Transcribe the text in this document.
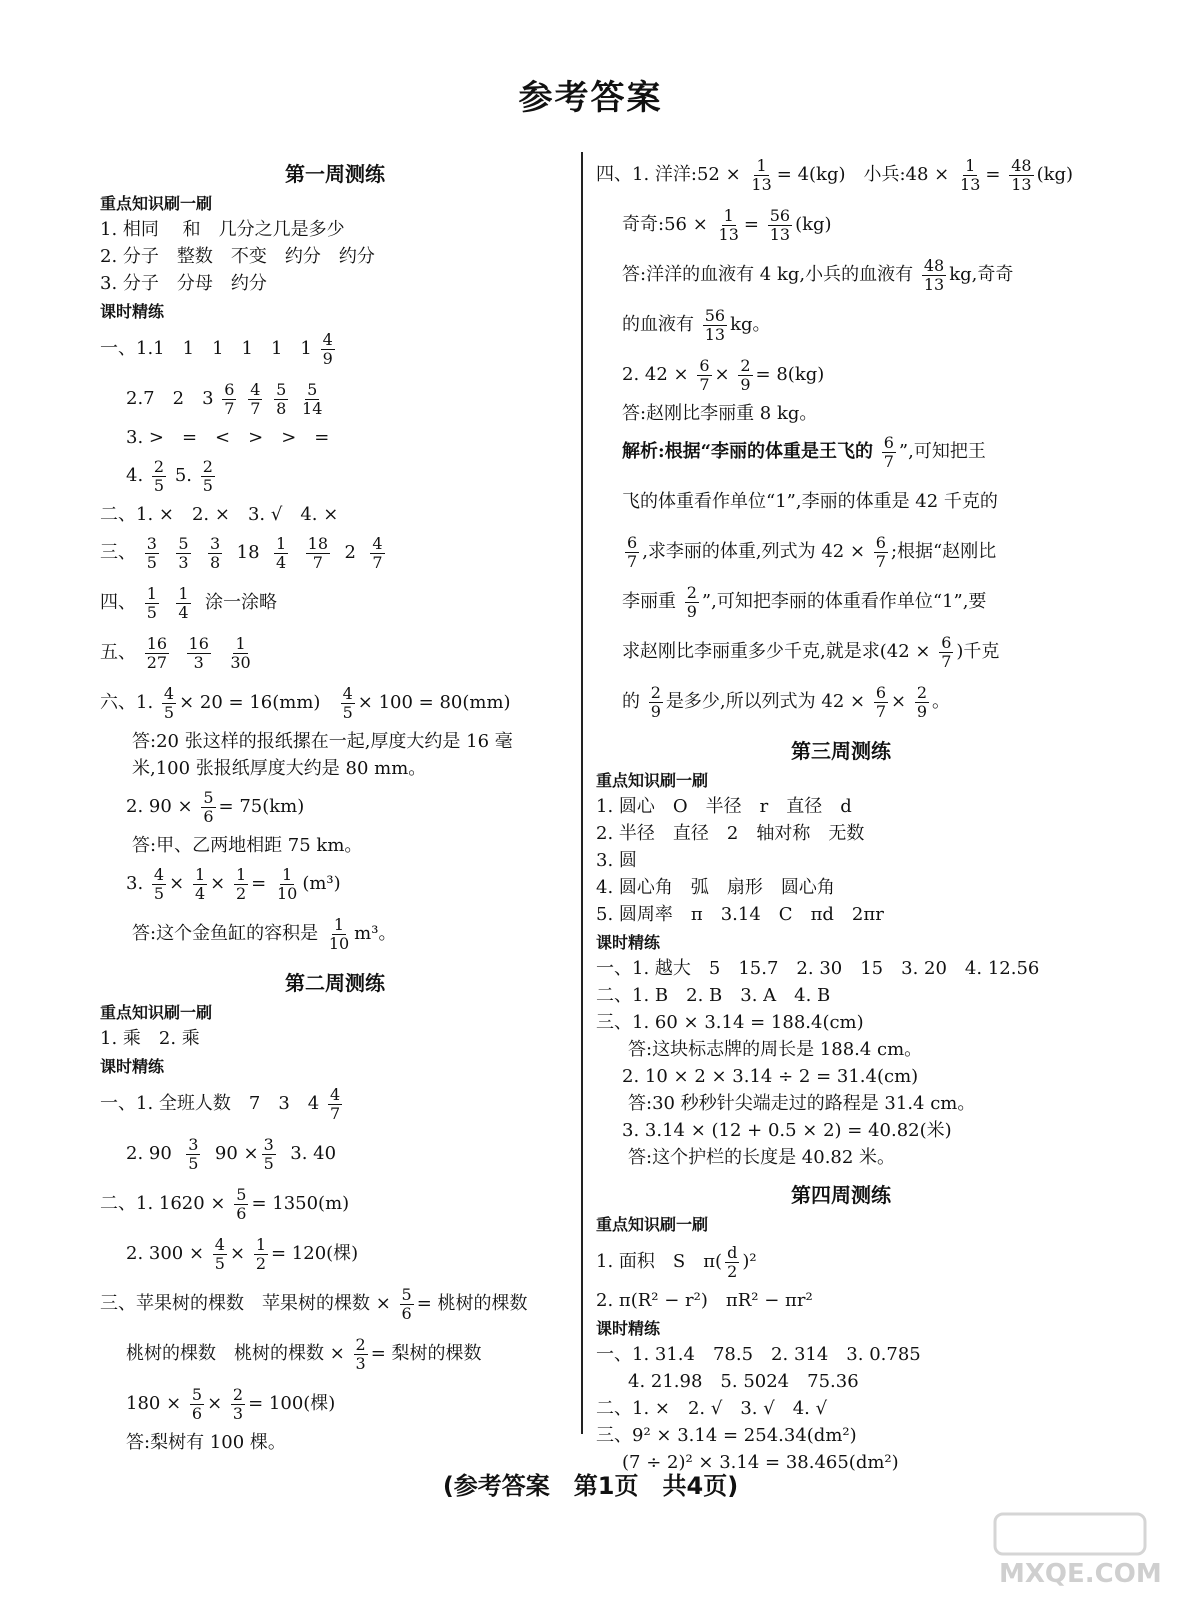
参考答案
第一周测练
重点知识刷一刷
1. 相同　 和　几分之几是多少
2. 分子　整数　不变　约分　约分
3. 分子　分母　约分
课时精练
一、1.1　1　1　1　1　$1 \frac{4}{9}$
2.7　2　$3 \frac{6}{7}$
$\frac{4}{7}$
$\frac{5}{8}$
$\frac{5}{14}$
3. >　=　<　>　>　=
4. $\frac{2}{5} 5$. $\frac{2}{5}$
二、1. ×　2. ×　3. √　4. ×
三、 $\frac{3}{5}$
$\frac{5}{3}$
$\frac{3}{8} 18 \frac{1}{4}$
$\frac{18}{7} 2 \frac{4}{7}$
四、 $\frac{1}{5}$
$\frac{1}{4}$ 涂一涂略
五、 $\frac{16}{27}$
$\frac{16}{3}$
$\frac{1}{30}$
六、1. $\frac{4}{5} \times 20 = 16(mm) \frac{4}{5} \times 100 = 80(mm)$
答:20 张这样的报纸摞在一起,厚度大约是 16 毫米,100 张报纸厚度大约是 80 mm。
2. $90 \times \frac{5}{6} = 75(km)$
答:甲、乙两地相距 75 km。
3. $\frac{4}{5} \times \frac{1}{4} \times \frac{1}{2} = \frac{1}{10} (m^3)$
答:这个金鱼缸的容积是 $\frac{1}{10} m^3$。
第二周测练
重点知识刷一刷
1. 乘　2. 乘
课时精练
一、1. 全班人数　7　3　$4 \frac{4}{7}$
2. $90 \frac{3}{5} 90 \times \frac{3}{5} 3$. 40
二、1. $1620 \times \frac{5}{6} = 1350(m)$
2. $300 \times \frac{4}{5} \times \frac{1}{2} = 120$(棵)
三、苹果树的棵数　苹果树的棵数 × $\frac{5}{6}$ = 桃树的棵数
桃树的棵数　桃树的棵数 × $\frac{2}{3}$ = 梨树的棵数
$180 \times \frac{5}{6} \times \frac{2}{3} = 100$(棵)
答:梨树有 100 棵。
四、1. 洋洋:52 × $\frac{1}{13} = 4(kg)$　小兵:48 × $\frac{1}{13} = \frac{48}{13} (kg)$
奇奇:56 × $\frac{1}{13} = \frac{56}{13} (kg)$
答:洋洋的血液有 4 kg,小兵的血液有 $\frac{48}{13}$ kg,奇奇
的血液有 $\frac{56}{13}$ kg。
2. $42 \times \frac{6}{7} \times \frac{2}{9} = 8(kg)$
答:赵刚比李丽重 8 kg。
解析:根据“李丽的体重是王飞的 $\frac{6}{7}$ ”,可知把王
飞的体重看作单位“1”,李丽的体重是 42 千克的
$\frac{6}{7}$ ,求李丽的体重,列式为 $42 \times \frac{6}{7}$ ;根据“赵刚比
李丽重 $\frac{2}{9}$ ”,可知把李丽的体重看作单位“1”,要
求赵刚比李丽重多少千克,就是求($42 \times \frac{6}{7}$ )千克
的 $\frac{2}{9}$ 是多少,所以列式为 $42 \times \frac{6}{7} \times \frac{2}{9}$ 。
第三周测练
重点知识刷一刷
1. 圆心　O　半径　r　直径　d
2. 半径　直径　2　轴对称　无数
3. 圆
4. 圆心角　弧　扇形　圆心角
5. 圆周率　π　3.14　C　πd　2πr
课时精练
一、1. 越大　5　15.7　2. 30　15　3. 20　4. 12.56
二、1. B　2. B　3. A　4. B
三、1. 60 × 3.14 = 188.4(cm)
答:这块标志牌的周长是 188.4 cm。
2. 10 × 2 × 3.14 ÷ 2 = 31.4(cm)
答:30 秒秒针尖端走过的路程是 31.4 cm。
3. 3.14 × (12 + 0.5 × 2) = 40.82(米)
答:这个护栏的长度是 40.82 米。
第四周测练
重点知识刷一刷
1. 面积　S　$\pi( \frac{d}{2} )^2$
2. π(R² − r²)　πR² − πr²
课时精练
一、1. 31.4　78.5　2. 314　3. 0.785
4. 21.98　5. 5024　75.36
二、1. ×　2. √　3. √　4. √
三、9² × 3.14 = 254.34(dm²)
(7 ÷ 2)² × 3.14 = 38.465(dm²)
(参考答案　第1页　共4页)
MXQE.COM
